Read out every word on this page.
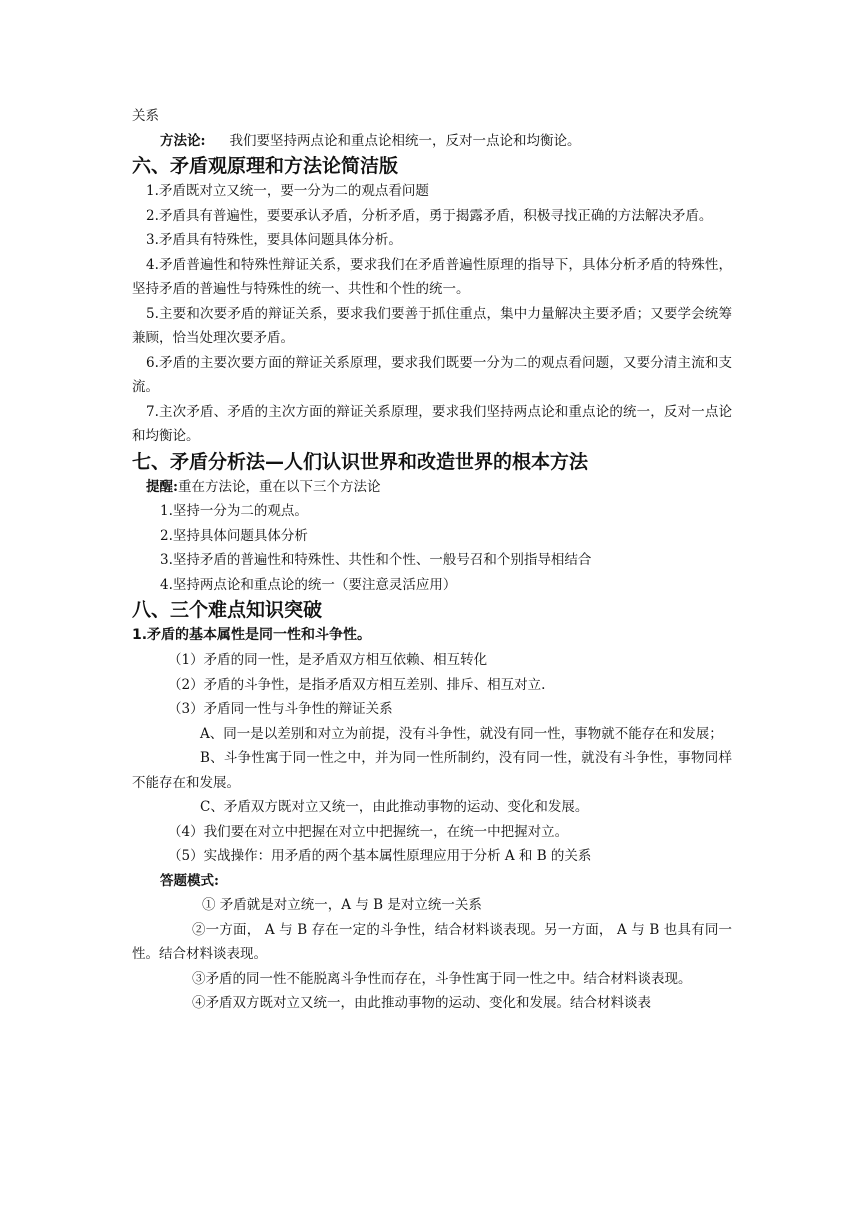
关系

方法论: 我们要坚持两点论和重点论相统一，反对一点论和均衡论。

六、矛盾观原理和方法论简洁版

1.矛盾既对立又统一，要一分为二的观点看问题

2.矛盾具有普遍性，要要承认矛盾，分析矛盾，勇于揭露矛盾，积极寻找正确的方法解决矛盾。

3.矛盾具有特殊性，要具体问题具体分析。

4.矛盾普遍性和特殊性辩证关系，要求我们在矛盾普遍性原理的指导下，具体分析矛盾的特殊性，坚持矛盾的普遍性与特殊性的统一、共性和个性的统一。

5.主要和次要矛盾的辩证关系，要求我们要善于抓住重点，集中力量解决主要矛盾；又要学会统筹兼顾，恰当处理次要矛盾。

6.矛盾的主要次要方面的辩证关系原理，要求我们既要一分为二的观点看问题，又要分清主流和支流。

7.主次矛盾、矛盾的主次方面的辩证关系原理，要求我们坚持两点论和重点论的统一，反对一点论和均衡论。

七、矛盾分析法—人们认识世界和改造世界的根本方法

提醒:重在方法论，重在以下三个方法论

1.坚持一分为二的观点。

2.坚持具体问题具体分析

3.坚持矛盾的普遍性和特殊性、共性和个性、一般号召和个别指导相结合

4.坚持两点论和重点论的统一（要注意灵活应用）

八、三个难点知识突破
1.矛盾的基本属性是同一性和斗争性。

（1）矛盾的同一性，是矛盾双方相互依赖、相互转化

（2）矛盾的斗争性，是指矛盾双方相互差别、排斥、相互对立.

（3）矛盾同一性与斗争性的辩证关系

A、同一是以差别和对立为前提，没有斗争性，就没有同一性，事物就不能存在和发展；

B、斗争性寓于同一性之中，并为同一性所制约，没有同一性，就没有斗争性，事物同样不能存在和发展。

C、矛盾双方既对立又统一，由此推动事物的运动、变化和发展。

（4）我们要在对立中把握在对立中把握统一，在统一中把握对立。

（5）实战操作：用矛盾的两个基本属性原理应用于分析 A 和 B 的关系

答题模式:

① 矛盾就是对立统一，A 与 B 是对立统一关系

②一方面， A 与 B 存在一定的斗争性，结合材料谈表现。另一方面， A 与 B 也具有同一性。结合材料谈表现。

③矛盾的同一性不能脱离斗争性而存在，斗争性寓于同一性之中。结合材料谈表现。

④矛盾双方既对立又统一，由此推动事物的运动、变化和发展。结合材料谈表
